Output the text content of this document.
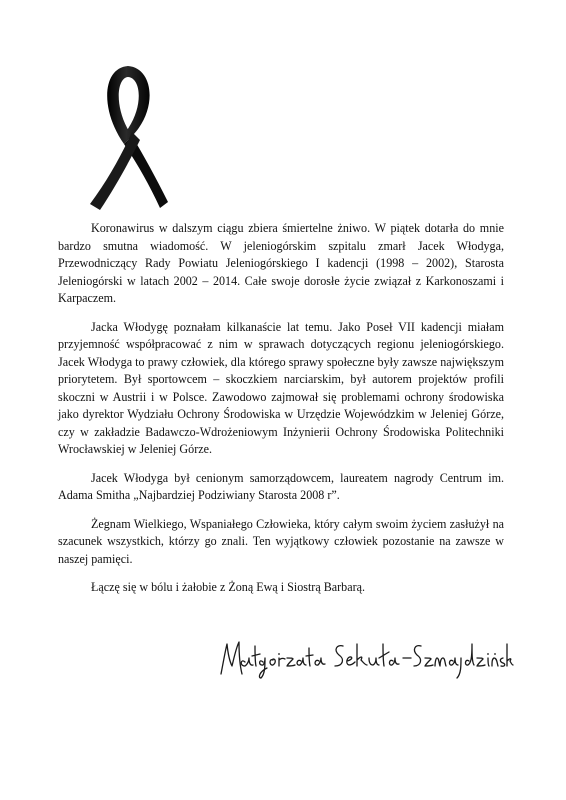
Koronawirus w dalszym ciągu zbiera śmiertelne żniwo. W piątek dotarła do mnie bardzo smutna wiadomość. W jeleniogórskim szpitalu zmarł Jacek Włodyga, Przewodniczący Rady Powiatu Jeleniogórskiego I kadencji (1998 – 2002), Starosta Jeleniogórski w latach 2002 – 2014. Całe swoje dorosłe życie związał z Karkonoszami i Karpaczem.

Jacka Włodygę poznałam kilkanaście lat temu. Jako Poseł VII kadencji miałam przyjemność współpracować z nim w sprawach dotyczących regionu jeleniogórskiego. Jacek Włodyga to prawy człowiek, dla którego sprawy społeczne były zawsze największym priorytetem. Był sportowcem – skoczkiem narciarskim, był autorem projektów profili skoczni w Austrii i w Polsce. Zawodowo zajmował się problemami ochrony środowiska jako dyrektor Wydziału Ochrony Środowiska w Urzędzie Wojewódzkim w Jeleniej Górze, czy w zakładzie Badawczo-Wdrożeniowym Inżynierii Ochrony Środowiska Politechniki Wrocławskiej w Jeleniej Górze.

Jacek Włodyga był cenionym samorządowcem, laureatem nagrody Centrum im. Adama Smitha „Najbardziej Podziwiany Starosta 2008 r”.

Żegnam Wielkiego, Wspaniałego Człowieka, który całym swoim życiem zasłużył na szacunek wszystkich, którzy go znali. Ten wyjątkowy człowiek pozostanie na zawsze w naszej pamięci.

Łączę się w bólu i żałobie z Żoną Ewą i Siostrą Barbarą.
